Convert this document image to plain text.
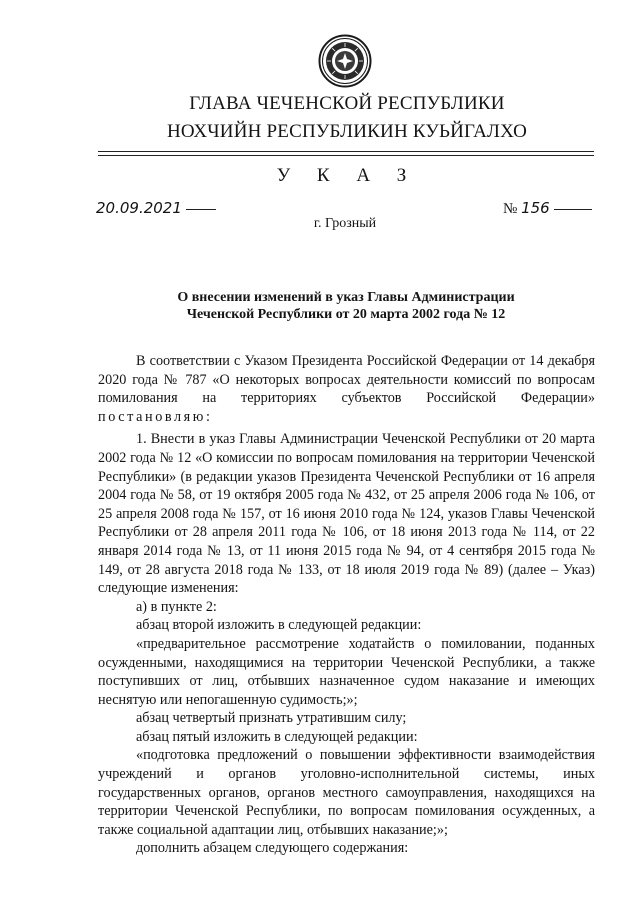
ГЛАВА ЧЕЧЕНСКОЙ РЕСПУБЛИКИ
НОХЧИЙН РЕСПУБЛИКИН КУЬЙГАЛХО
У К А З
20.09.2021	№ 156
г. Грозный
О внесении изменений в указ Главы Администрации
Чеченской Республики от 20 марта 2002 года № 12

В соответствии с Указом Президента Российской Федерации от 14 декабря 2020 года № 787 «О некоторых вопросах деятельности комиссий по вопросам помилования на территориях субъектов Российской Федерации» постановляю:

1. Внести в указ Главы Администрации Чеченской Республики от 20 марта 2002 года № 12 «О комиссии по вопросам помилования на территории Чеченской Республики» (в редакции указов Президента Чеченской Республики от 16 апреля 2004 года № 58, от 19 октября 2005 года № 432, от 25 апреля 2006 года № 106, от 25 апреля 2008 года № 157, от 16 июня 2010 года № 124, указов Главы Чеченской Республики от 28 апреля 2011 года № 106, от 18 июня 2013 года № 114, от 22 января 2014 года № 13, от 11 июня 2015 года № 94, от 4 сентября 2015 года № 149, от 28 августа 2018 года № 133, от 18 июля 2019 года № 89) (далее – Указ) следующие изменения:

а) в пункте 2:

абзац второй изложить в следующей редакции:

«предварительное рассмотрение ходатайств о помиловании, поданных осужденными, находящимися на территории Чеченской Республики, а также поступивших от лиц, отбывших назначенное судом наказание и имеющих неснятую или непогашенную судимость;»;

абзац четвертый признать утратившим силу;

абзац пятый изложить в следующей редакции:

«подготовка предложений о повышении эффективности взаимодействия учреждений и органов уголовно-исполнительной системы, иных государственных органов, органов местного самоуправления, находящихся на территории Чеченской Республики, по вопросам помилования осужденных, а также социальной адаптации лиц, отбывших наказание;»;

дополнить абзацем следующего содержания:
